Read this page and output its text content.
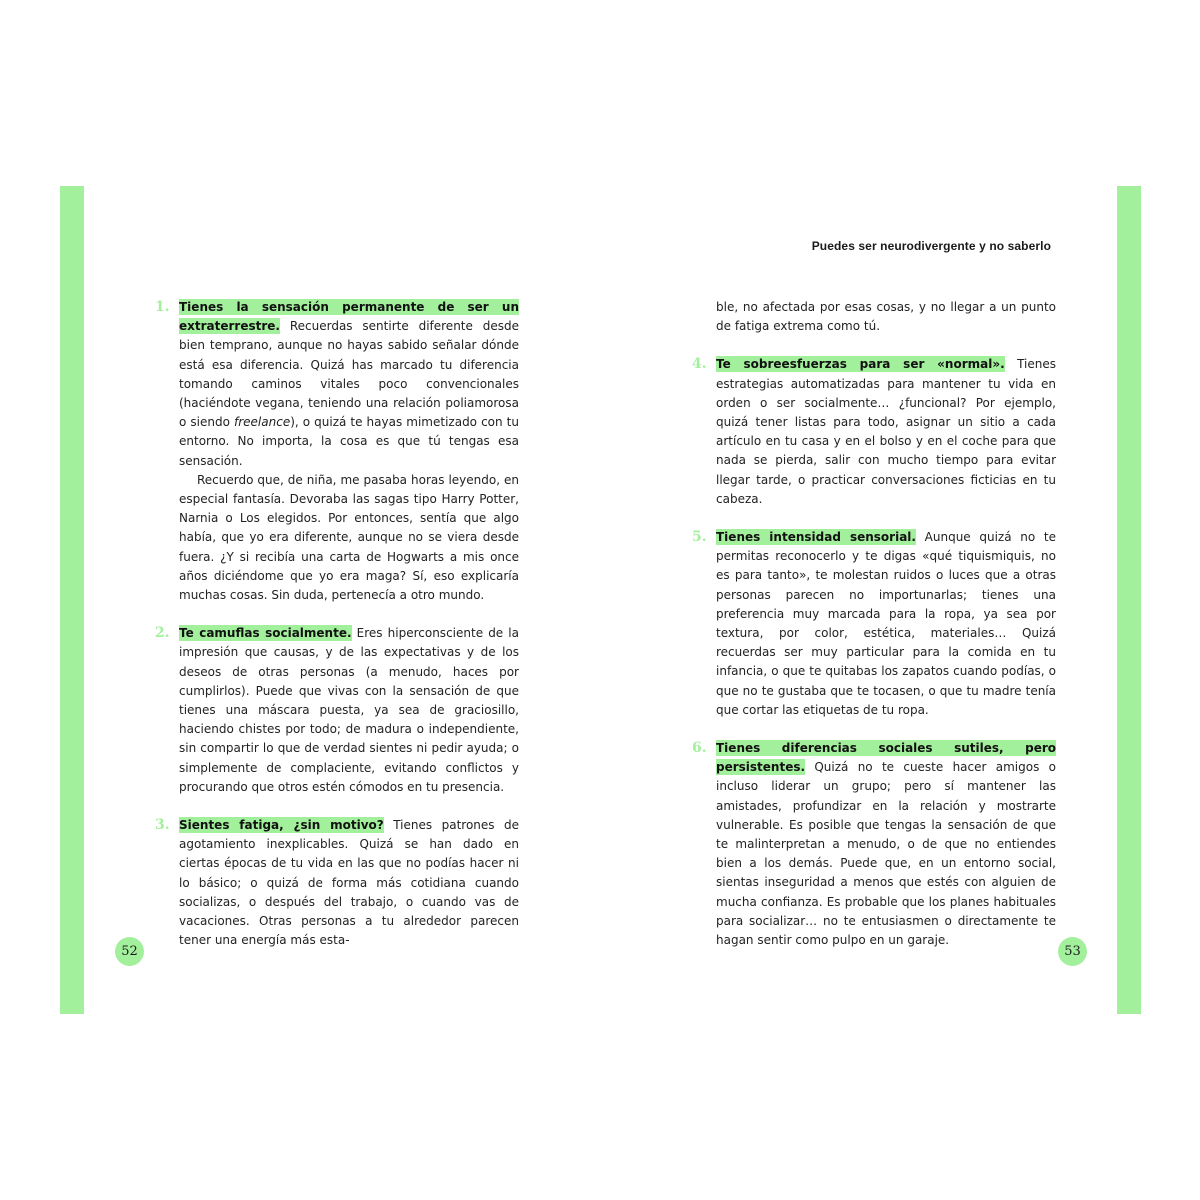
Puedes ser neurodivergente y no saberlo
1. Tienes la sensación permanente de ser un extraterrestre. Recuerdas sentirte diferente desde bien temprano, aunque no hayas sabido señalar dónde está esa diferencia. Quizá has marcado tu diferencia tomando caminos vitales poco convencionales (haciéndote vegana, teniendo una relación poliamorosa o siendo freelance), o quizá te hayas mimetizado con tu entorno. No importa, la cosa es que tú tengas esa sensación.

Recuerdo que, de niña, me pasaba horas leyendo, en especial fantasía. Devoraba las sagas tipo Harry Potter, Narnia o Los elegidos. Por entonces, sentía que algo había, que yo era diferente, aunque no se viera desde fuera. ¿Y si recibía una carta de Hogwarts a mis once años diciéndome que yo era maga? Sí, eso explicaría muchas cosas. Sin duda, pertenecía a otro mundo.

2. Te camuflas socialmente. Eres hiperconsciente de la impresión que causas, y de las expectativas y de los deseos de otras personas (a menudo, haces por cumplirlos). Puede que vivas con la sensación de que tienes una máscara puesta, ya sea de graciosillo, haciendo chistes por todo; de madura o independiente, sin compartir lo que de verdad sientes ni pedir ayuda; o simplemente de complaciente, evitando conflictos y procurando que otros estén cómodos en tu presencia.

3. Sientes fatiga, ¿sin motivo? Tienes patrones de agotamiento inexplicables. Quizá se han dado en ciertas épocas de tu vida en las que no podías hacer ni lo básico; o quizá de forma más cotidiana cuando socializas, o después del trabajo, o cuando vas de vacaciones. Otras personas a tu alrededor parecen tener una energía más esta-

ble, no afectada por esas cosas, y no llegar a un punto de fatiga extrema como tú.

4. Te sobreesfuerzas para ser «normal». Tienes estrategias automatizadas para mantener tu vida en orden o ser socialmente… ¿funcional? Por ejemplo, quizá tener listas para todo, asignar un sitio a cada artículo en tu casa y en el bolso y en el coche para que nada se pierda, salir con mucho tiempo para evitar llegar tarde, o practicar conversaciones ficticias en tu cabeza.

5. Tienes intensidad sensorial. Aunque quizá no te permitas reconocerlo y te digas «qué tiquismiquis, no es para tanto», te molestan ruidos o luces que a otras personas parecen no importunarlas; tienes una preferencia muy marcada para la ropa, ya sea por textura, por color, estética, materiales… Quizá recuerdas ser muy particular para la comida en tu infancia, o que te quitabas los zapatos cuando podías, o que no te gustaba que te tocasen, o que tu madre tenía que cortar las etiquetas de tu ropa.

6. Tienes diferencias sociales sutiles, pero persistentes. Quizá no te cueste hacer amigos o incluso liderar un grupo; pero sí mantener las amistades, profundizar en la relación y mostrarte vulnerable. Es posible que tengas la sensación de que te malinterpretan a menudo, o de que no entiendes bien a los demás. Puede que, en un entorno social, sientas inseguridad a menos que estés con alguien de mucha confianza. Es probable que los planes habituales para socializar… no te entusiasmen o directamente te hagan sentir como pulpo en un garaje.

52	53
